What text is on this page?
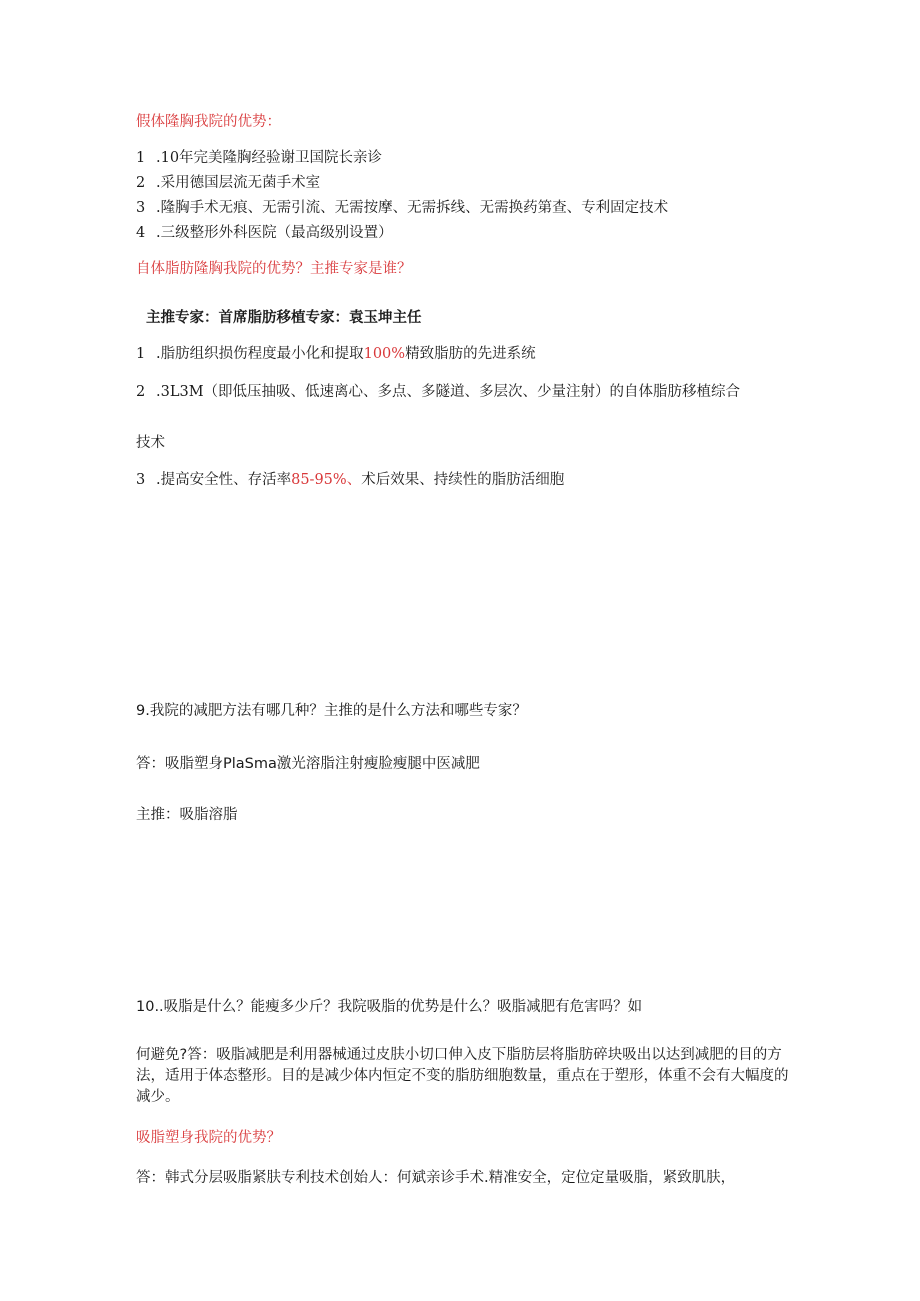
假体隆胸我院的优势：

1 .10年完美隆胸经验谢卫国院长亲诊

2 .采用德国层流无菌手术室

3 .隆胸手术无痕、无需引流、无需按摩、无需拆线、无需换药第查、专利固定技术

4 .三级整形外科医院（最高级别设置）

自体脂肪隆胸我院的优势？主推专家是谁？

主推专家：首席脂肪移植专家：袁玉坤主任

1 .脂肪组织损伤程度最小化和提取100%精致脂肪的先进系统

2 .3L3M（即低压抽吸、低速离心、多点、多隧道、多层次、少量注射）的自体脂肪移植综合

技术

3 .提高安全性、存活率85-95%、术后效果、持续性的脂肪活细胞

9.我院的减肥方法有哪几种？主推的是什么方法和哪些专家？

答：吸脂塑身PlaSma激光溶脂注射瘦脸瘦腿中医减肥

主推：吸脂溶脂

10..吸脂是什么？能瘦多少斤？我院吸脂的优势是什么？吸脂减肥有危害吗？如

何避免?答：吸脂减肥是利用器械通过皮肤小切口伸入皮下脂肪层将脂肪碎块吸出以达到减肥的目的方法，适用于体态整形。目的是减少体内恒定不变的脂肪细胞数量，重点在于塑形，体重不会有大幅度的减少。

吸脂塑身我院的优势？

答：韩式分层吸脂紧肤专利技术创始人：何斌亲诊手术.精准安全，定位定量吸脂，紧致肌肤，
